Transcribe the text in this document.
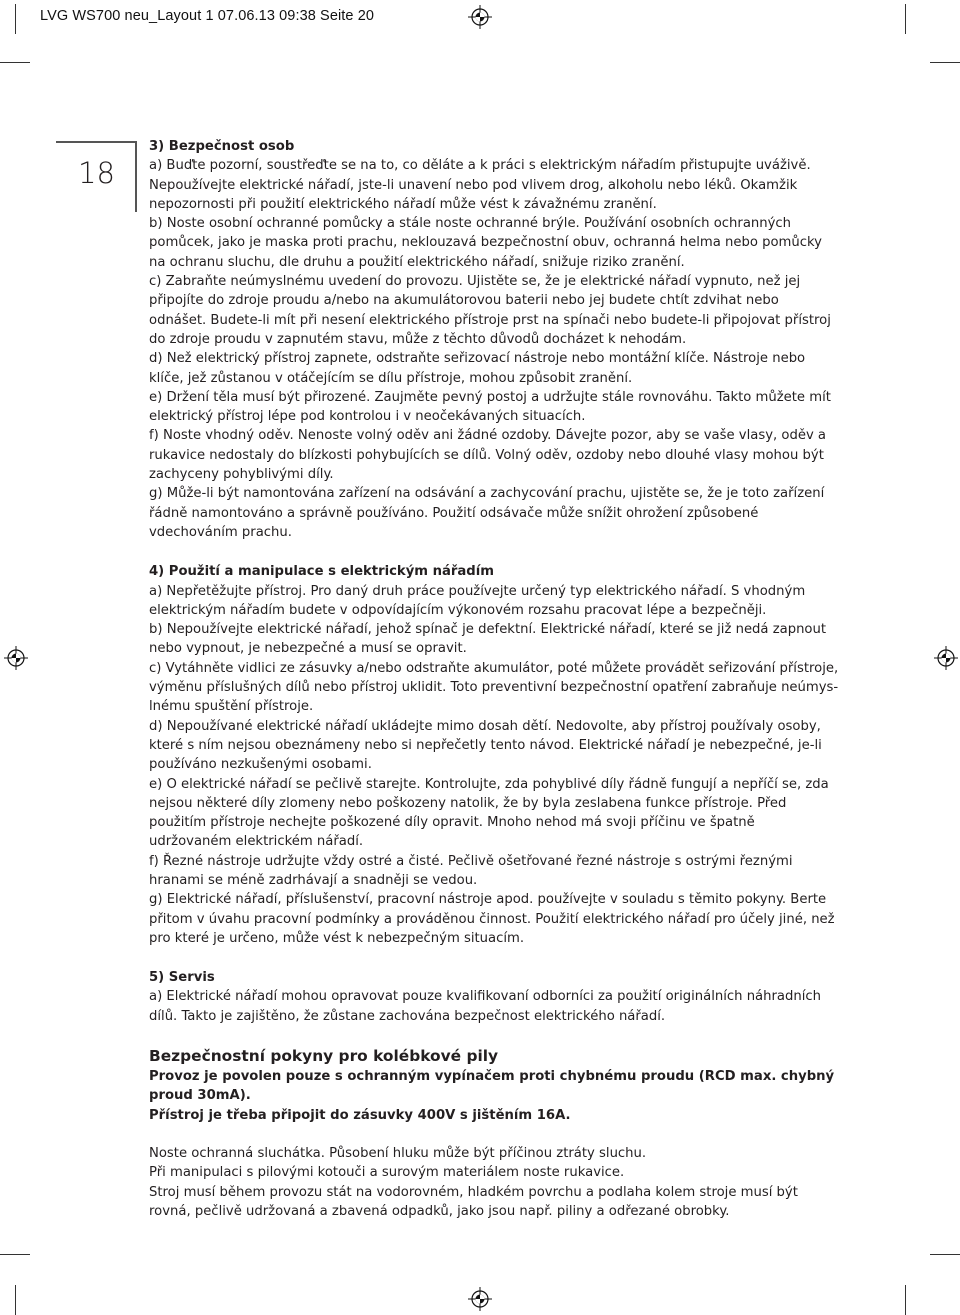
LVG WS700 neu_Layout 1 07.06.13 09:38 Seite 20
18
3) Bezpečnost osob

a) Buďte pozorní, soustřeďte se na to, co děláte a k práci s elektrickým nářadím přistupujte uváživě. Nepoužívejte elektrické nářadí, jste-li unavení nebo pod vlivem drog, alkoholu nebo léků. Okamžik nepozornosti při použití elektrického nářadí může vést k závažnému zranění.

b) Noste osobní ochranné pomůcky a stále noste ochranné brýle. Používání osobních ochranných pomůcek, jako je maska proti prachu, neklouzavá bezpečnostní obuv, ochranná helma nebo pomůcky na ochranu sluchu, dle druhu a použití elektrického nářadí, snižuje riziko zranění.

c) Zabraňte neúmyslnému uvedení do provozu. Ujistěte se, že je elektrické nářadí vypnuto, než jej připojíte do zdroje proudu a/nebo na akumulátorovou baterii nebo jej budete chtít zdvihat nebo odnášet. Budete-li mít při nesení elektrického přístroje prst na spínači nebo budete-li připojovat přístroj do zdroje proudu v zapnutém stavu, může z těchto důvodů docházet k nehodám.

d) Než elektrický přístroj zapnete, odstraňte seřizovací nástroje nebo montážní klíče. Nástroje nebo klíče, jež zůstanou v otáčejícím se dílu přístroje, mohou způsobit zranění.

e) Držení těla musí být přirozené. Zaujměte pevný postoj a udržujte stále rovnováhu. Takto můžete mít elektrický přístroj lépe pod kontrolou i v neočekávaných situacích.

f) Noste vhodný oděv. Nenoste volný oděv ani žádné ozdoby. Dávejte pozor, aby se vaše vlasy, oděv a rukavice nedostaly do blízkosti pohybujících se dílů. Volný oděv, ozdoby nebo dlouhé vlasy mohou být zachyceny pohyblivými díly.

g) Může-li být namontována zařízení na odsávání a zachycování prachu, ujistěte se, že je toto zařízení řádně namontováno a správně používáno. Použití odsávače může snížit ohrožení způsobené vdechováním prachu.

4) Použití a manipulace s elektrickým nářadím

a) Nepřetěžujte přístroj. Pro daný druh práce používejte určený typ elektrického nářadí. S vhodným elektrickým nářadím budete v odpovídajícím výkonovém rozsahu pracovat lépe a bezpečněji.

b) Nepoužívejte elektrické nářadí, jehož spínač je defektní. Elektrické nářadí, které se již nedá zapnout nebo vypnout, je nebezpečné a musí se opravit.

c) Vytáhněte vidlici ze zásuvky a/nebo odstraňte akumulátor, poté můžete provádět seřizování přístroje, výměnu příslušných dílů nebo přístroj uklidit. Toto preventivní bezpečnostní opatření zabraňuje neúmys-lnému spuštění přístroje.

d) Nepoužívané elektrické nářadí ukládejte mimo dosah dětí. Nedovolte, aby přístroj používaly osoby, které s ním nejsou obeznámeny nebo si nepřečetly tento návod. Elektrické nářadí je nebezpečné, je-li používáno nezkušenými osobami.

e) O elektrické nářadí se pečlivě starejte. Kontrolujte, zda pohyblivé díly řádně fungují a nepříčí se, zda nejsou některé díly zlomeny nebo poškozeny natolik, že by byla zeslabena funkce přístroje. Před použitím přístroje nechejte poškozené díly opravit. Mnoho nehod má svoji příčinu ve špatně udržovaném elektrickém nářadí.

f) Řezné nástroje udržujte vždy ostré a čisté. Pečlivě ošetřované řezné nástroje s ostrými řeznými hranami se méně zadrhávají a snadněji se vedou.

g) Elektrické nářadí, příslušenství, pracovní nástroje apod. používejte v souladu s těmito pokyny. Berte přitom v úvahu pracovní podmínky a prováděnou činnost. Použití elektrického nářadí pro účely jiné, než pro které je určeno, může vést k nebezpečným situacím.

5) Servis

a) Elektrické nářadí mohou opravovat pouze kvalifikovaní odborníci za použití originálních náhradních dílů. Takto je zajištěno, že zůstane zachována bezpečnost elektrického nářadí.

Bezpečnostní pokyny pro kolébkové pily

Provoz je povolen pouze s ochranným vypínačem proti chybnému proudu (RCD max. chybný proud 30mA).

Přístroj je třeba připojit do zásuvky 400V s jištěním 16A.

Noste ochranná sluchátka. Působení hluku může být příčinou ztráty sluchu.

Při manipulaci s pilovými kotouči a surovým materiálem noste rukavice.

Stroj musí během provozu stát na vodorovném, hladkém povrchu a podlaha kolem stroje musí být rovná, pečlivě udržovaná a zbavená odpadků, jako jsou např. piliny a odřezané obrobky.
